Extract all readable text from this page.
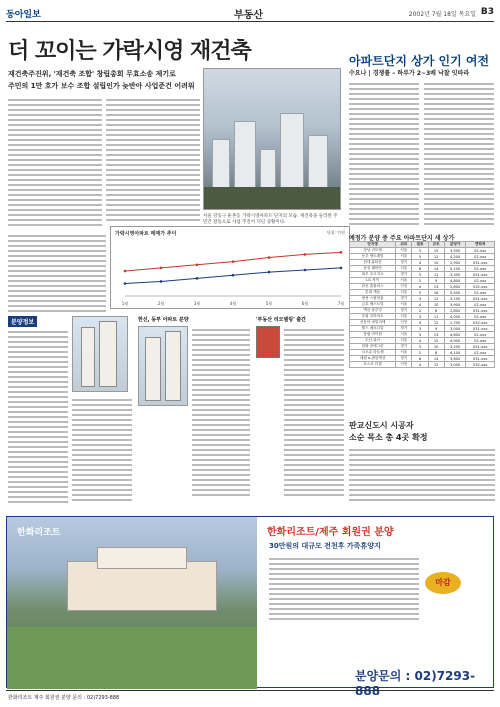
동아일보	부동산	2002년 7월 18일 목요일 B3
더 꼬이는 가락시영 재건축
재건축주진위, '재건축 조합' 창립총회 무효소송 제기로
주민의 1만 호가 보수 조합 설립인가 늦반아 사업준건 어려워
서울 강동구 둔촌동 가락시영아파트 단지의 모습. 재건축을 둘러싼 주민간 갈등으로 사업 추진이 더딘 상황이다.
아파트단지 상가 인기 여전
수요나 | 경쟁률 – 하루가 2~3배 낙찰 잇따라
가락시영아파트 매매가 추이	단위: 만원
1월	2월	3월	4월	5월	6월	7월
예정가 분양 중 주요 아파트단지 새 상가
단지명	위치	점포	규모	분양가	연락처
강남 리모델	서울	3	15	3,500	02-xxx
동부 센트레빌	서울	5	12	4,200	02-xxx
현대 홈타운	경기	4	10	2,900	031-xxx
삼성 래미안	서울	6	14	5,100	02-xxx
대우 푸르지오	경기	3	11	3,300	031-xxx
LG 자이	서울	2	9	4,800	02-xxx
한신 휴플러스	인천	4	13	2,600	032-xxx
롯데 캐슬	서울	5	16	5,400	02-xxx
쌍용 스윗닷홈	경기	3	12	3,100	031-xxx
금호 베스트빌	서울	4	10	3,900	02-xxx
벽산 블루밍	경기	2	8	2,800	031-xxx
우림 루미아트	서울	3	11	4,000	02-xxx
신동아 파밀리에	인천	4	12	2,700	032-xxx
월드 메르디앙	경기	3	9	3,000	031-xxx
풍림 아이원	서울	5	13	4,600	02-xxx
두산 위브	서울	4	15	4,900	02-xxx
한화 꿈에그린	경기	3	10	3,200	031-xxx
코오롱 하늘채	서울	2	8	4,100	02-xxx
대림 e-편한세상	경기	6	14	3,600	031-xxx
포스코 더샵	인천	4	12	3,000	032-xxx
분양정보	한신, 동부 아파트 분양	'부동산 리모델링' 출간
판교신도시 시공자
소순 목소 총 4곳 확정
한화리조트	한화리조트/제주 회원권 분양
30만원의 대규모 전천후 가족휴양지
마감
분양문의 : 02)7293-888
한화리조트 제주 회원권 분양 문의 : 02)7293-888
